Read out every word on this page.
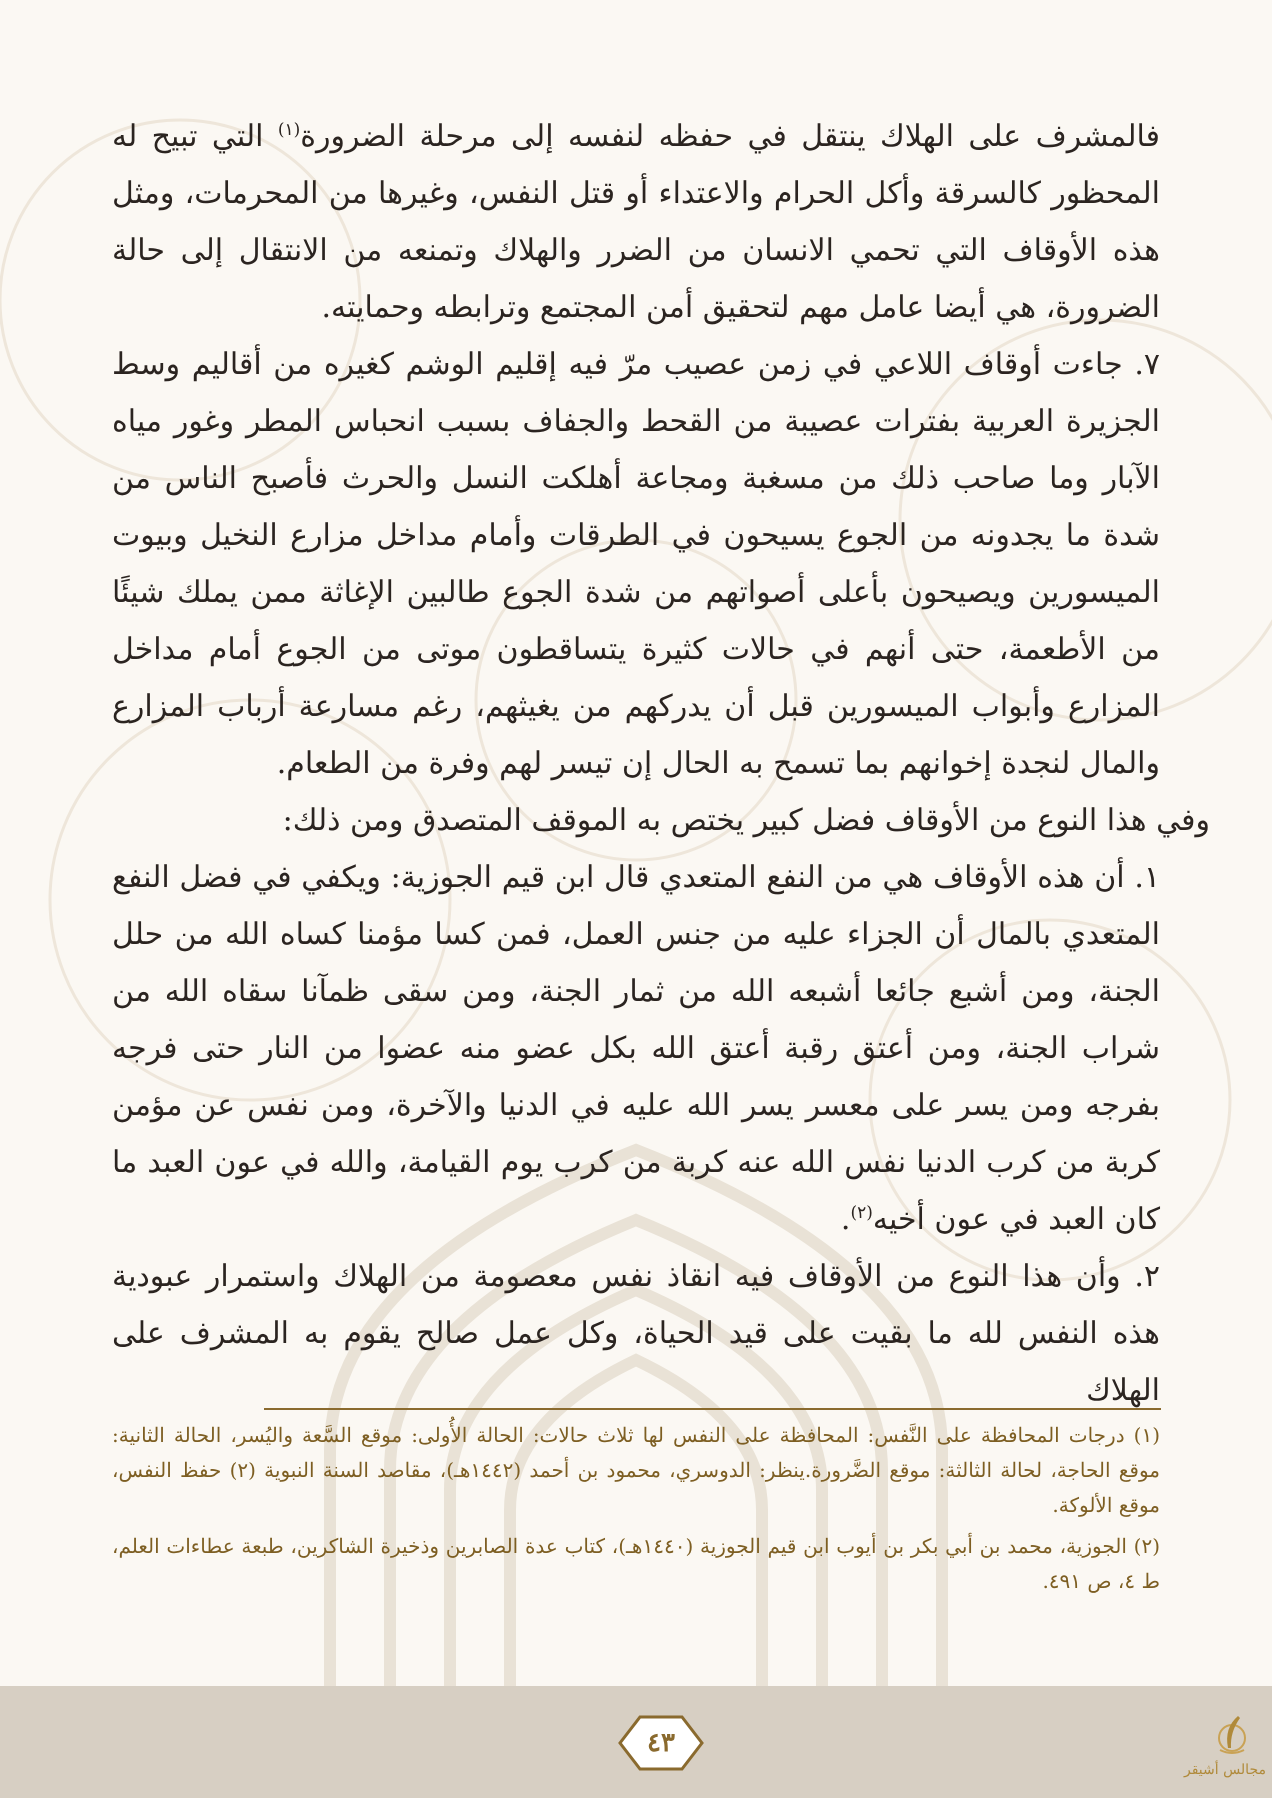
فالمشرف على الهلاك ينتقل في حفظه لنفسه إلى مرحلة الضرورة$^{(١)}$ التي تبيح له المحظور كالسرقة وأكل الحرام والاعتداء أو قتل النفس، وغيرها من المحرمات، ومثل هذه الأوقاف التي تحمي الانسان من الضرر والهلاك وتمنعه من الانتقال إلى حالة الضرورة، هي أيضا عامل مهم لتحقيق أمن المجتمع وترابطه وحمايته.

٧. جاءت أوقاف اللاعي في زمن عصيب مرّ فيه إقليم الوشم كغيره من أقاليم وسط الجزيرة العربية بفترات عصيبة من القحط والجفاف بسبب انحباس المطر وغور مياه الآبار وما صاحب ذلك من مسغبة ومجاعة أهلكت النسل والحرث فأصبح الناس من شدة ما يجدونه من الجوع يسيحون في الطرقات وأمام مداخل مزارع النخيل وبيوت الميسورين ويصيحون بأعلى أصواتهم من شدة الجوع طالبين الإغاثة ممن يملك شيئًا من الأطعمة، حتى أنهم في حالات كثيرة يتساقطون موتى من الجوع أمام مداخل المزارع وأبواب الميسورين قبل أن يدركهم من يغيثهم، رغم مسارعة أرباب المزارع والمال لنجدة إخوانهم بما تسمح به الحال إن تيسر لهم وفرة من الطعام.

وفي هذا النوع من الأوقاف فضل كبير يختص به الموقف المتصدق ومن ذلك:

١. أن هذه الأوقاف هي من النفع المتعدي قال ابن قيم الجوزية: ويكفي في فضل النفع المتعدي بالمال أن الجزاء عليه من جنس العمل، فمن كسا مؤمنا كساه الله من حلل الجنة، ومن أشبع جائعا أشبعه الله من ثمار الجنة، ومن سقى ظمآنا سقاه الله من شراب الجنة، ومن أعتق رقبة أعتق الله بكل عضو منه عضوا من النار حتى فرجه بفرجه ومن يسر على معسر يسر الله عليه في الدنيا والآخرة، ومن نفس عن مؤمن كربة من كرب الدنيا نفس الله عنه كربة من كرب يوم القيامة، والله في عون العبد ما كان العبد في عون أخيه$^{(٢)}$.

٢. وأن هذا النوع من الأوقاف فيه انقاذ نفس معصومة من الهلاك واستمرار عبودية هذه النفس لله ما بقيت على قيد الحياة، وكل عمل صالح يقوم به المشرف على الهلاك

(١) درجات المحافظة على النَّفس: المحافظة على النفس لها ثلاث حالات: الحالة الأُولى: موقع السَّعة واليُسر، الحالة الثانية: موقع الحاجة، لحالة الثالثة: موقع الضَّرورة.ينظر: الدوسري، محمود بن أحمد (١٤٤٢هـ)، مقاصد السنة النبوية (٢) حفظ النفس، موقع الألوكة.

(٢) الجوزية، محمد بن أبي بكر بن أيوب ابن قيم الجوزية (١٤٤٠هـ)، كتاب عدة الصابرين وذخيرة الشاكرين، طبعة عطاءات العلم، ط ٤، ص ٤٩١.

٤٣
مجالس أشيقر
